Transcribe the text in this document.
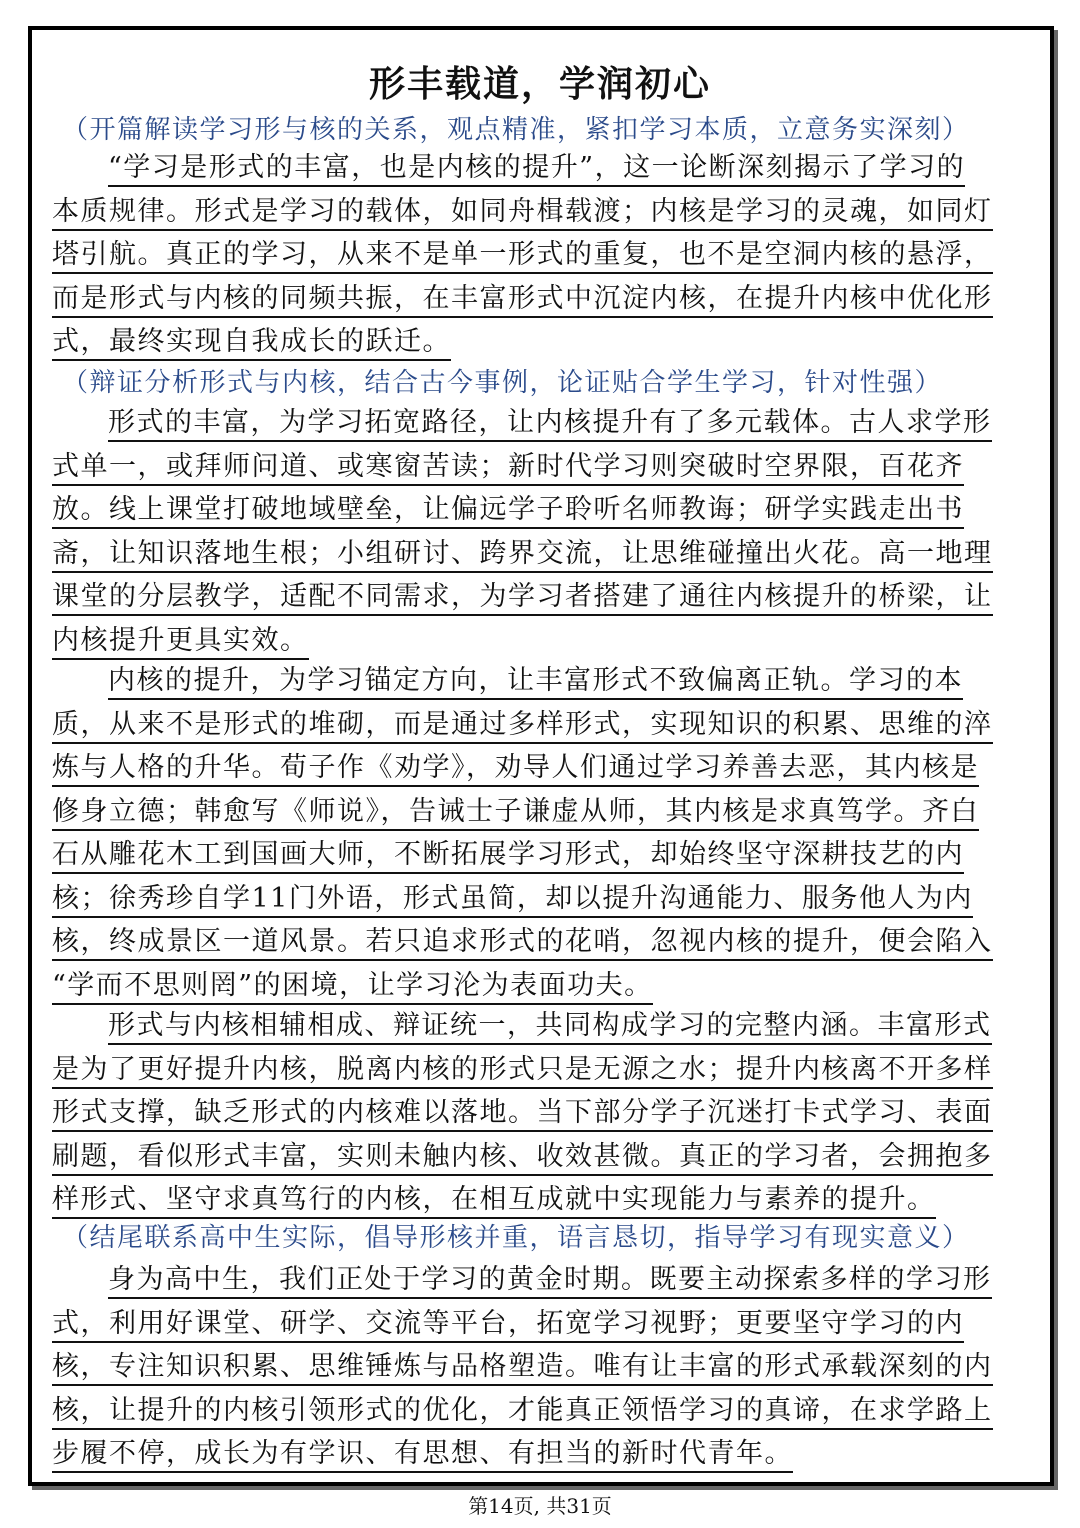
形丰载道，学润初心
（开篇解读学习形与核的关系，观点精准，紧扣学习本质，立意务实深刻）
“学习是形式的丰富，也是内核的提升”，这一论断深刻揭示了学习的
本质规律。形式是学习的载体，如同舟楫载渡；内核是学习的灵魂，如同灯
塔引航。真正的学习，从来不是单一形式的重复，也不是空洞内核的悬浮，
而是形式与内核的同频共振，在丰富形式中沉淀内核，在提升内核中优化形
式，最终实现自我成长的跃迁。
（辩证分析形式与内核，结合古今事例，论证贴合学生学习，针对性强）
形式的丰富，为学习拓宽路径，让内核提升有了多元载体。古人求学形
式单一，或拜师问道、或寒窗苦读；新时代学习则突破时空界限，百花齐
放。线上课堂打破地域壁垒，让偏远学子聆听名师教诲；研学实践走出书
斋，让知识落地生根；小组研讨、跨界交流，让思维碰撞出火花。高一地理
课堂的分层教学，适配不同需求，为学习者搭建了通往内核提升的桥梁，让
内核提升更具实效。
内核的提升，为学习锚定方向，让丰富形式不致偏离正轨。学习的本
质，从来不是形式的堆砌，而是通过多样形式，实现知识的积累、思维的淬
炼与人格的升华。荀子作《劝学》，劝导人们通过学习养善去恶，其内核是
修身立德；韩愈写《师说》，告诫士子谦虚从师，其内核是求真笃学。齐白
石从雕花木工到国画大师，不断拓展学习形式，却始终坚守深耕技艺的内
核；徐秀珍自学11门外语，形式虽简，却以提升沟通能力、服务他人为内
核，终成景区一道风景。若只追求形式的花哨，忽视内核的提升，便会陷入
“学而不思则罔”的困境，让学习沦为表面功夫。
形式与内核相辅相成、辩证统一，共同构成学习的完整内涵。丰富形式
是为了更好提升内核，脱离内核的形式只是无源之水；提升内核离不开多样
形式支撑，缺乏形式的内核难以落地。当下部分学子沉迷打卡式学习、表面
刷题，看似形式丰富，实则未触内核、收效甚微。真正的学习者，会拥抱多
样形式、坚守求真笃行的内核，在相互成就中实现能力与素养的提升。
（结尾联系高中生实际，倡导形核并重，语言恳切，指导学习有现实意义）
身为高中生，我们正处于学习的黄金时期。既要主动探索多样的学习形
式，利用好课堂、研学、交流等平台，拓宽学习视野；更要坚守学习的内
核，专注知识积累、思维锤炼与品格塑造。唯有让丰富的形式承载深刻的内
核，让提升的内核引领形式的优化，才能真正领悟学习的真谛，在求学路上
步履不停，成长为有学识、有思想、有担当的新时代青年。
第14页, 共31页
